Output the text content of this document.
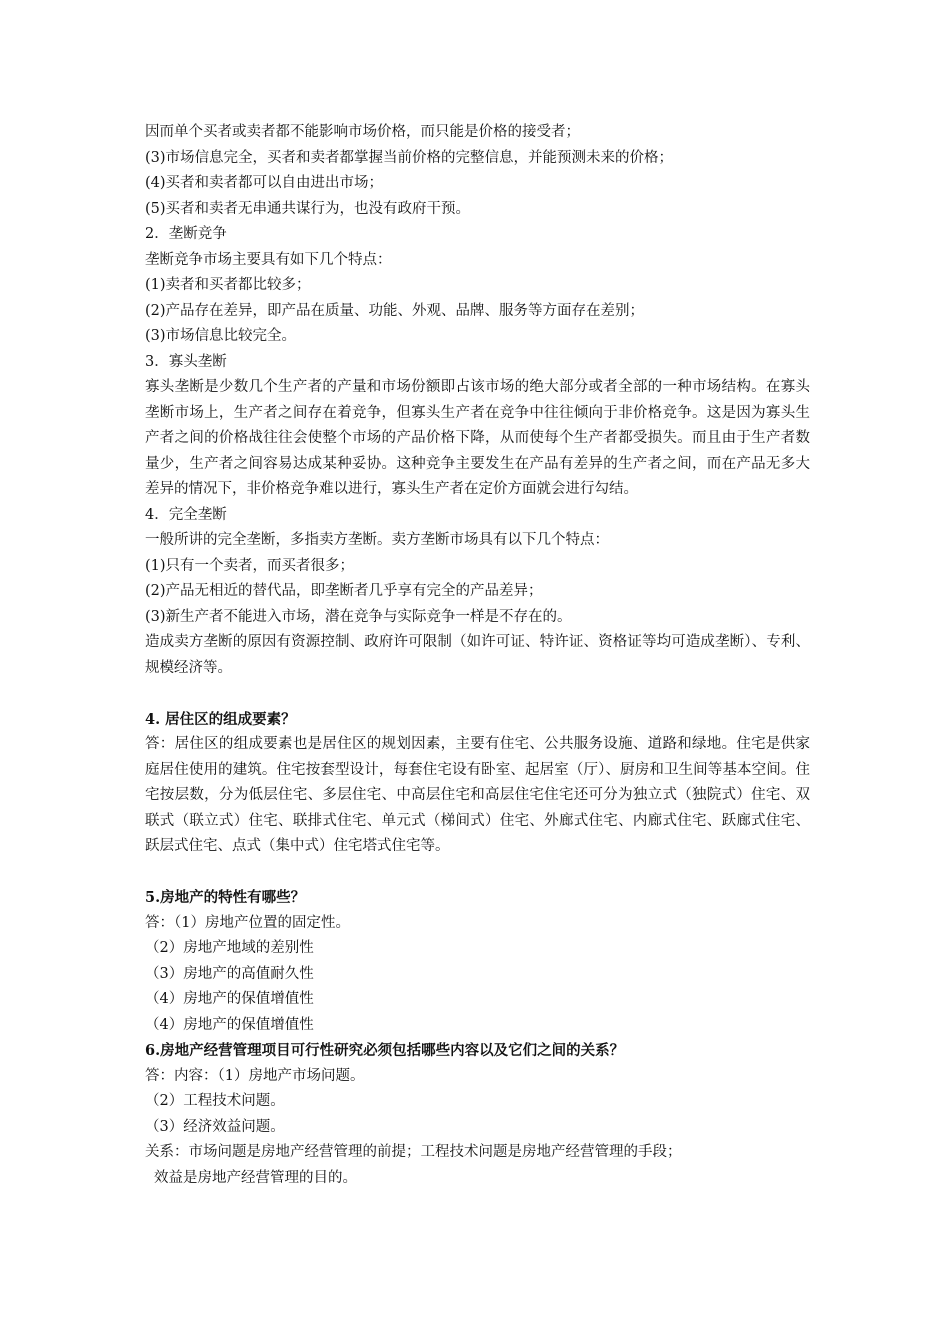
因而单个买者或卖者都不能影响市场价格，而只能是价格的接受者；
(3)市场信息完全，买者和卖者都掌握当前价格的完整信息，并能预测未来的价格；
(4)买者和卖者都可以自由进出市场；
(5)买者和卖者无串通共谋行为，也没有政府干预。
2．垄断竞争
垄断竞争市场主要具有如下几个特点：
(1)卖者和买者都比较多；
(2)产品存在差异，即产品在质量、功能、外观、品牌、服务等方面存在差别；
(3)市场信息比较完全。
3．寡头垄断
寡头垄断是少数几个生产者的产量和市场份额即占该市场的绝大部分或者全部的一种市场结构。在寡头垄断市场上，生产者之间存在着竞争，但寡头生产者在竞争中往往倾向于非价格竞争。这是因为寡头生产者之间的价格战往往会使整个市场的产品价格下降，从而使每个生产者都受损失。而且由于生产者数量少，生产者之间容易达成某种妥协。这种竞争主要发生在产品有差异的生产者之间，而在产品无多大差异的情况下，非价格竞争难以进行，寡头生产者在定价方面就会进行勾结。
4．完全垄断
一般所讲的完全垄断，多指卖方垄断。卖方垄断市场具有以下几个特点：
(1)只有一个卖者，而买者很多；
(2)产品无相近的替代品，即垄断者几乎享有完全的产品差异；
(3)新生产者不能进入市场，潜在竞争与实际竞争一样是不存在的。
造成卖方垄断的原因有资源控制、政府许可限制（如许可证、特许证、资格证等均可造成垄断）、专利、规模经济等。
4. 居住区的组成要素？
答：居住区的组成要素也是居住区的规划因素，主要有住宅、公共服务设施、道路和绿地。住宅是供家庭居住使用的建筑。住宅按套型设计，每套住宅设有卧室、起居室（厅）、厨房和卫生间等基本空间。住宅按层数，分为低层住宅、多层住宅、中高层住宅和高层住宅住宅还可分为独立式（独院式）住宅、双联式（联立式）住宅、联排式住宅、单元式（梯间式）住宅、外廊式住宅、内廊式住宅、跃廊式住宅、跃层式住宅、点式（集中式）住宅塔式住宅等。
5.房地产的特性有哪些？
答：（1）房地产位置的固定性。
（2）房地产地域的差别性
（3）房地产的高值耐久性
（4）房地产的保值增值性
（4）房地产的保值增值性
6.房地产经营管理项目可行性研究必须包括哪些内容以及它们之间的关系？
答：内容：（1）房地产市场问题。
（2）工程技术问题。
（3）经济效益问题。
关系：市场问题是房地产经营管理的前提；工程技术问题是房地产经营管理的手段；
效益是房地产经营管理的目的。
